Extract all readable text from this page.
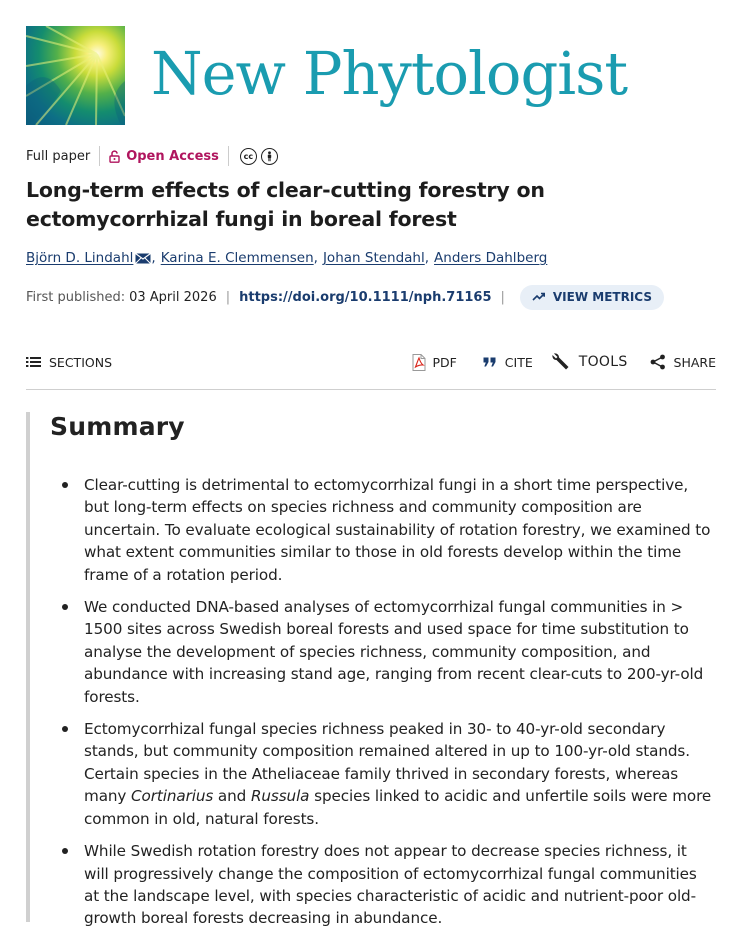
New Phytologist
Full paper	Open Access	cc
Long-term effects of clear-cutting forestry on ectomycorrhizal fungi in boreal forest
Björn D. Lindahl , Karina E. Clemmensen , Johan Stendahl , Anders Dahlberg
First published: 03 April 2026 | https://doi.org/10.1111/nph.71165 |	VIEW METRICS
SECTIONS	PDF	CITE	TOOLS	SHARE
Summary
Clear-cutting is detrimental to ectomycorrhizal fungi in a short time perspective, but long-term effects on species richness and community composition are uncertain. To evaluate ecological sustainability of rotation forestry, we examined to what extent communities similar to those in old forests develop within the time frame of a rotation period.
We conducted DNA-based analyses of ectomycorrhizal fungal communities in > 1500 sites across Swedish boreal forests and used space for time substitution to analyse the development of species richness, community composition, and abundance with increasing stand age, ranging from recent clear-cuts to 200-yr-old forests.
Ectomycorrhizal fungal species richness peaked in 30- to 40-yr-old secondary stands, but community composition remained altered in up to 100-yr-old stands. Certain species in the Atheliaceae family thrived in secondary forests, whereas many Cortinarius and Russula species linked to acidic and unfertile soils were more common in old, natural forests.
While Swedish rotation forestry does not appear to decrease species richness, it will progressively change the composition of ectomycorrhizal fungal communities at the landscape level, with species characteristic of acidic and nutrient-poor old-growth boreal forests decreasing in abundance.
